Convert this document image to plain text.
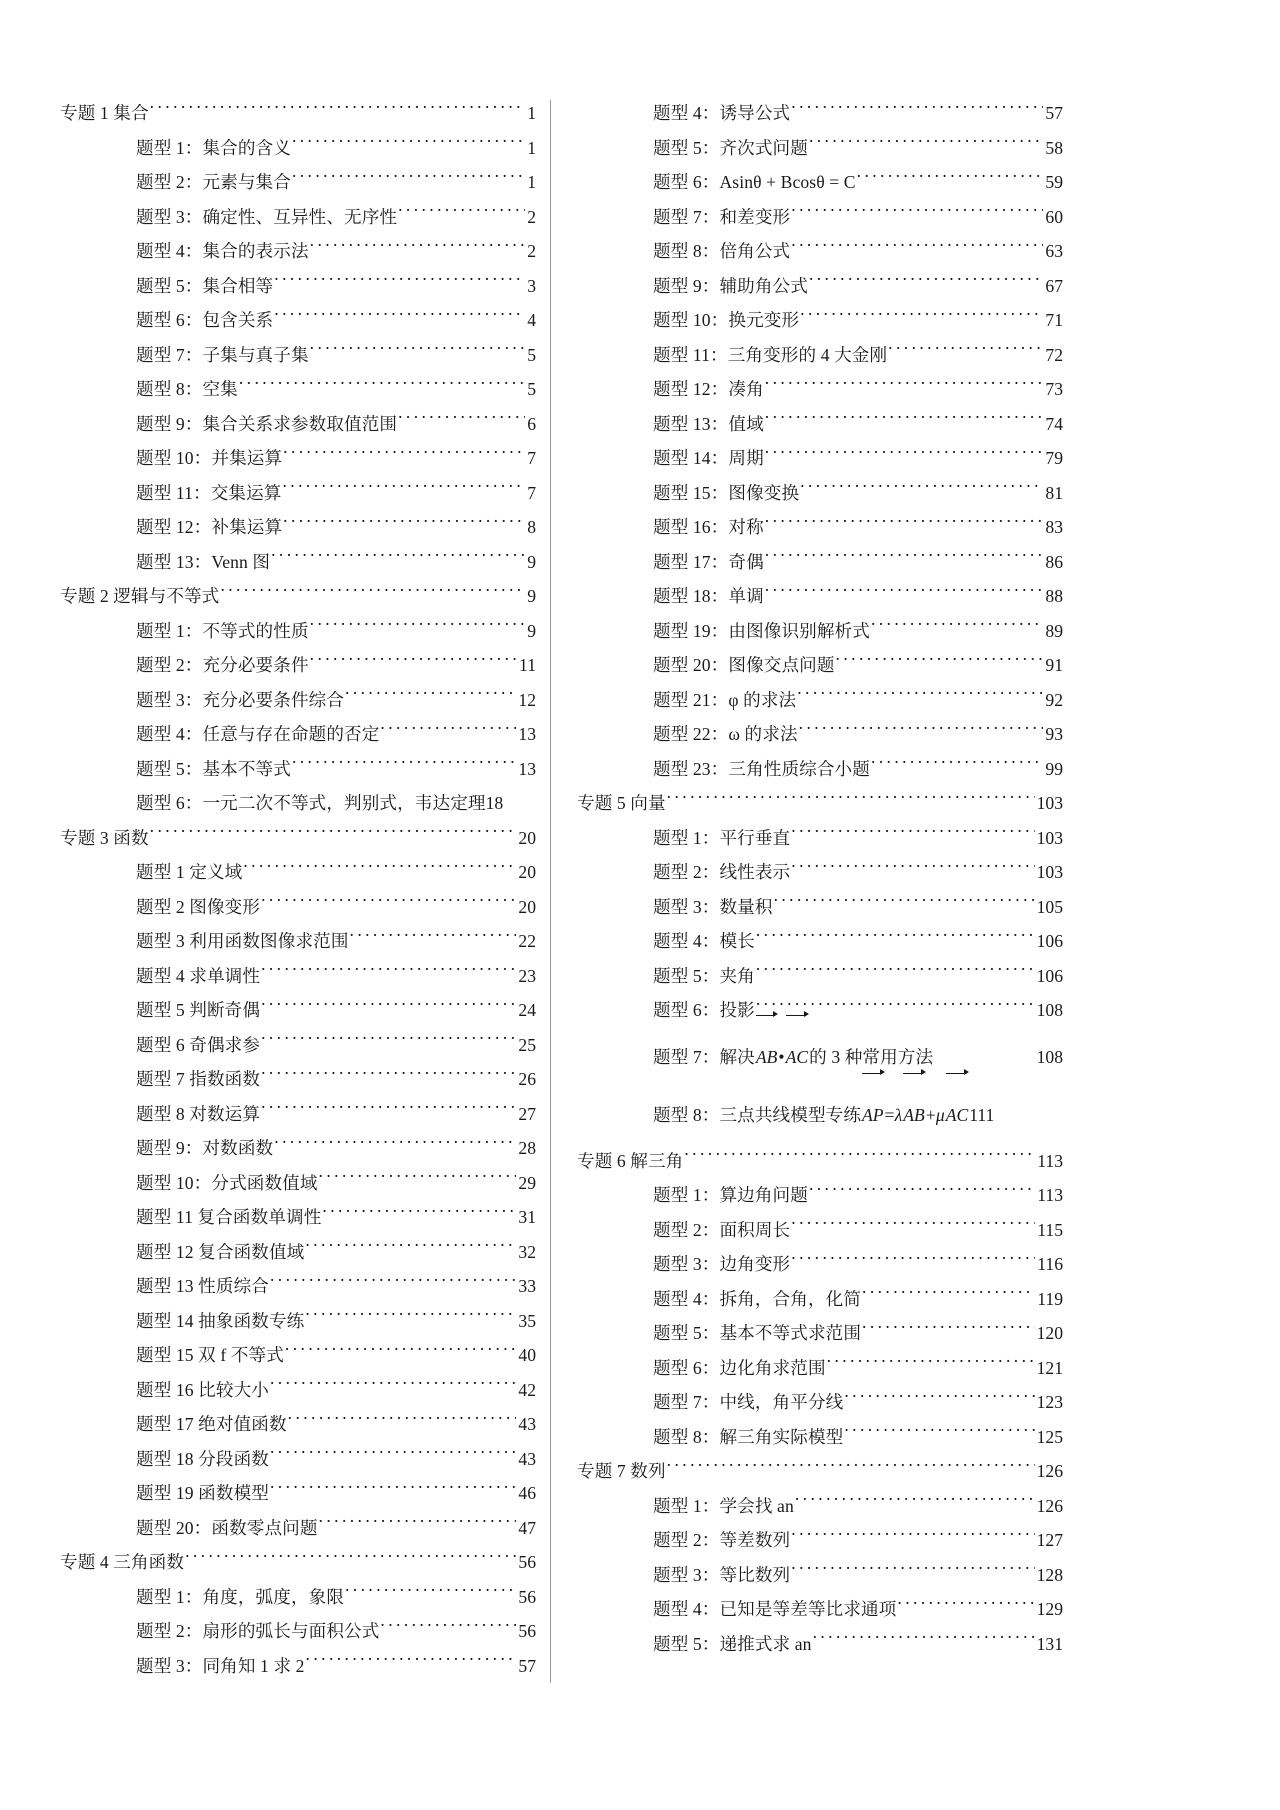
专题 1 集合 . . .	1
题型 1：集合的含义 . . .	1
题型 2：元素与集合 . . .	1
题型 3：确定性、互异性、无序性 . . .	2
题型 4：集合的表示法 . . .	2
题型 5：集合相等 . . .	3
题型 6：包含关系 . . .	4
题型 7：子集与真子集 . . .	5
题型 8：空集 . . .	5
题型 9：集合关系求参数取值范围 . . .	6
题型 10：并集运算 . . .	7
题型 11：交集运算 . . .	7
题型 12：补集运算 . . .	8
题型 13：Venn 图 . . .	9
专题 2 逻辑与不等式 . . .	9
题型 1：不等式的性质 . . .	9
题型 2：充分必要条件 . . .	11
题型 3：充分必要条件综合 . . .	12
题型 4：任意与存在命题的否定 . . .	13
题型 5：基本不等式 . . .	13
题型 6：一元二次不等式，判别式，韦达定理 18
专题 3 函数 . . .	20
题型 1 定义域 . . .	20
题型 2 图像变形 . . .	20
题型 3 利用函数图像求范围 . . .	22
题型 4 求单调性 . . .	23
题型 5 判断奇偶 . . .	24
题型 6 奇偶求参 . . .	25
题型 7 指数函数 . . .	26
题型 8 对数运算 . . .	27
题型 9：对数函数 . . .	28
题型 10：分式函数值域 . . .	29
题型 11 复合函数单调性 . . .	31
题型 12 复合函数值域 . . .	32
题型 13 性质综合 . . .	33
题型 14 抽象函数专练 . . .	35
题型 15 双 f 不等式 . . .	40
题型 16 比较大小 . . .	42
题型 17 绝对值函数 . . .	43
题型 18 分段函数 . . .	43
题型 19 函数模型 . . .	46
题型 20：函数零点问题 . . .	47
专题 4 三角函数 . . .	56
题型 1：角度，弧度，象限 . . .	56
题型 2：扇形的弧长与面积公式 . . .	56
题型 3：同角知 1 求 2 . . .	57
题型 4：诱导公式 . . .	57
题型 5：齐次式问题 . . .	58
题型 6：Asinθ + Bcosθ = C . . .	59
题型 7：和差变形 . . .	60
题型 8：倍角公式 . . .	63
题型 9：辅助角公式 . . .	67
题型 10：换元变形 . . .	71
题型 11：三角变形的 4 大金刚 . . .	72
题型 12：凑角 . . .	73
题型 13：值域 . . .	74
题型 14：周期 . . .	79
题型 15：图像变换 . . .	81
题型 16：对称 . . .	83
题型 17：奇偶 . . .	86
题型 18：单调 . . .	88
题型 19：由图像识别解析式 . . .	89
题型 20：图像交点问题 . . .	91
题型 21：φ 的求法 . . .	92
题型 22：ω 的求法 . . .	93
题型 23：三角性质综合小题 . . .	99
专题 5 向量 . . .	103
题型 1：平行垂直 . . .	103
题型 2：线性表示 . . .	103
题型 3：数量积 . . .	105
题型 4：模长 . . .	106
题型 5：夹角 . . .	106
题型 6：投影 . . .	108
题型 7：解决 AB • AC 的 3 种常用方法 . . .	108
题型 8：三点共线模型专练 AP = λ AB + μ AC 111
专题 6 解三角 . . .	113
题型 1：算边角问题 . . .	113
题型 2：面积周长 . . .	115
题型 3：边角变形 . . .	116
题型 4：拆角，合角，化简 . . .	119
题型 5：基本不等式求范围 . . .	120
题型 6：边化角求范围 . . .	121
题型 7：中线，角平分线 . . .	123
题型 8：解三角实际模型 . . .	125
专题 7 数列 . . .	126
题型 1：学会找 an . . .	126
题型 2：等差数列 . . .	127
题型 3：等比数列 . . .	128
题型 4：已知是等差等比求通项 . . .	129
题型 5：递推式求 an . . .	131
